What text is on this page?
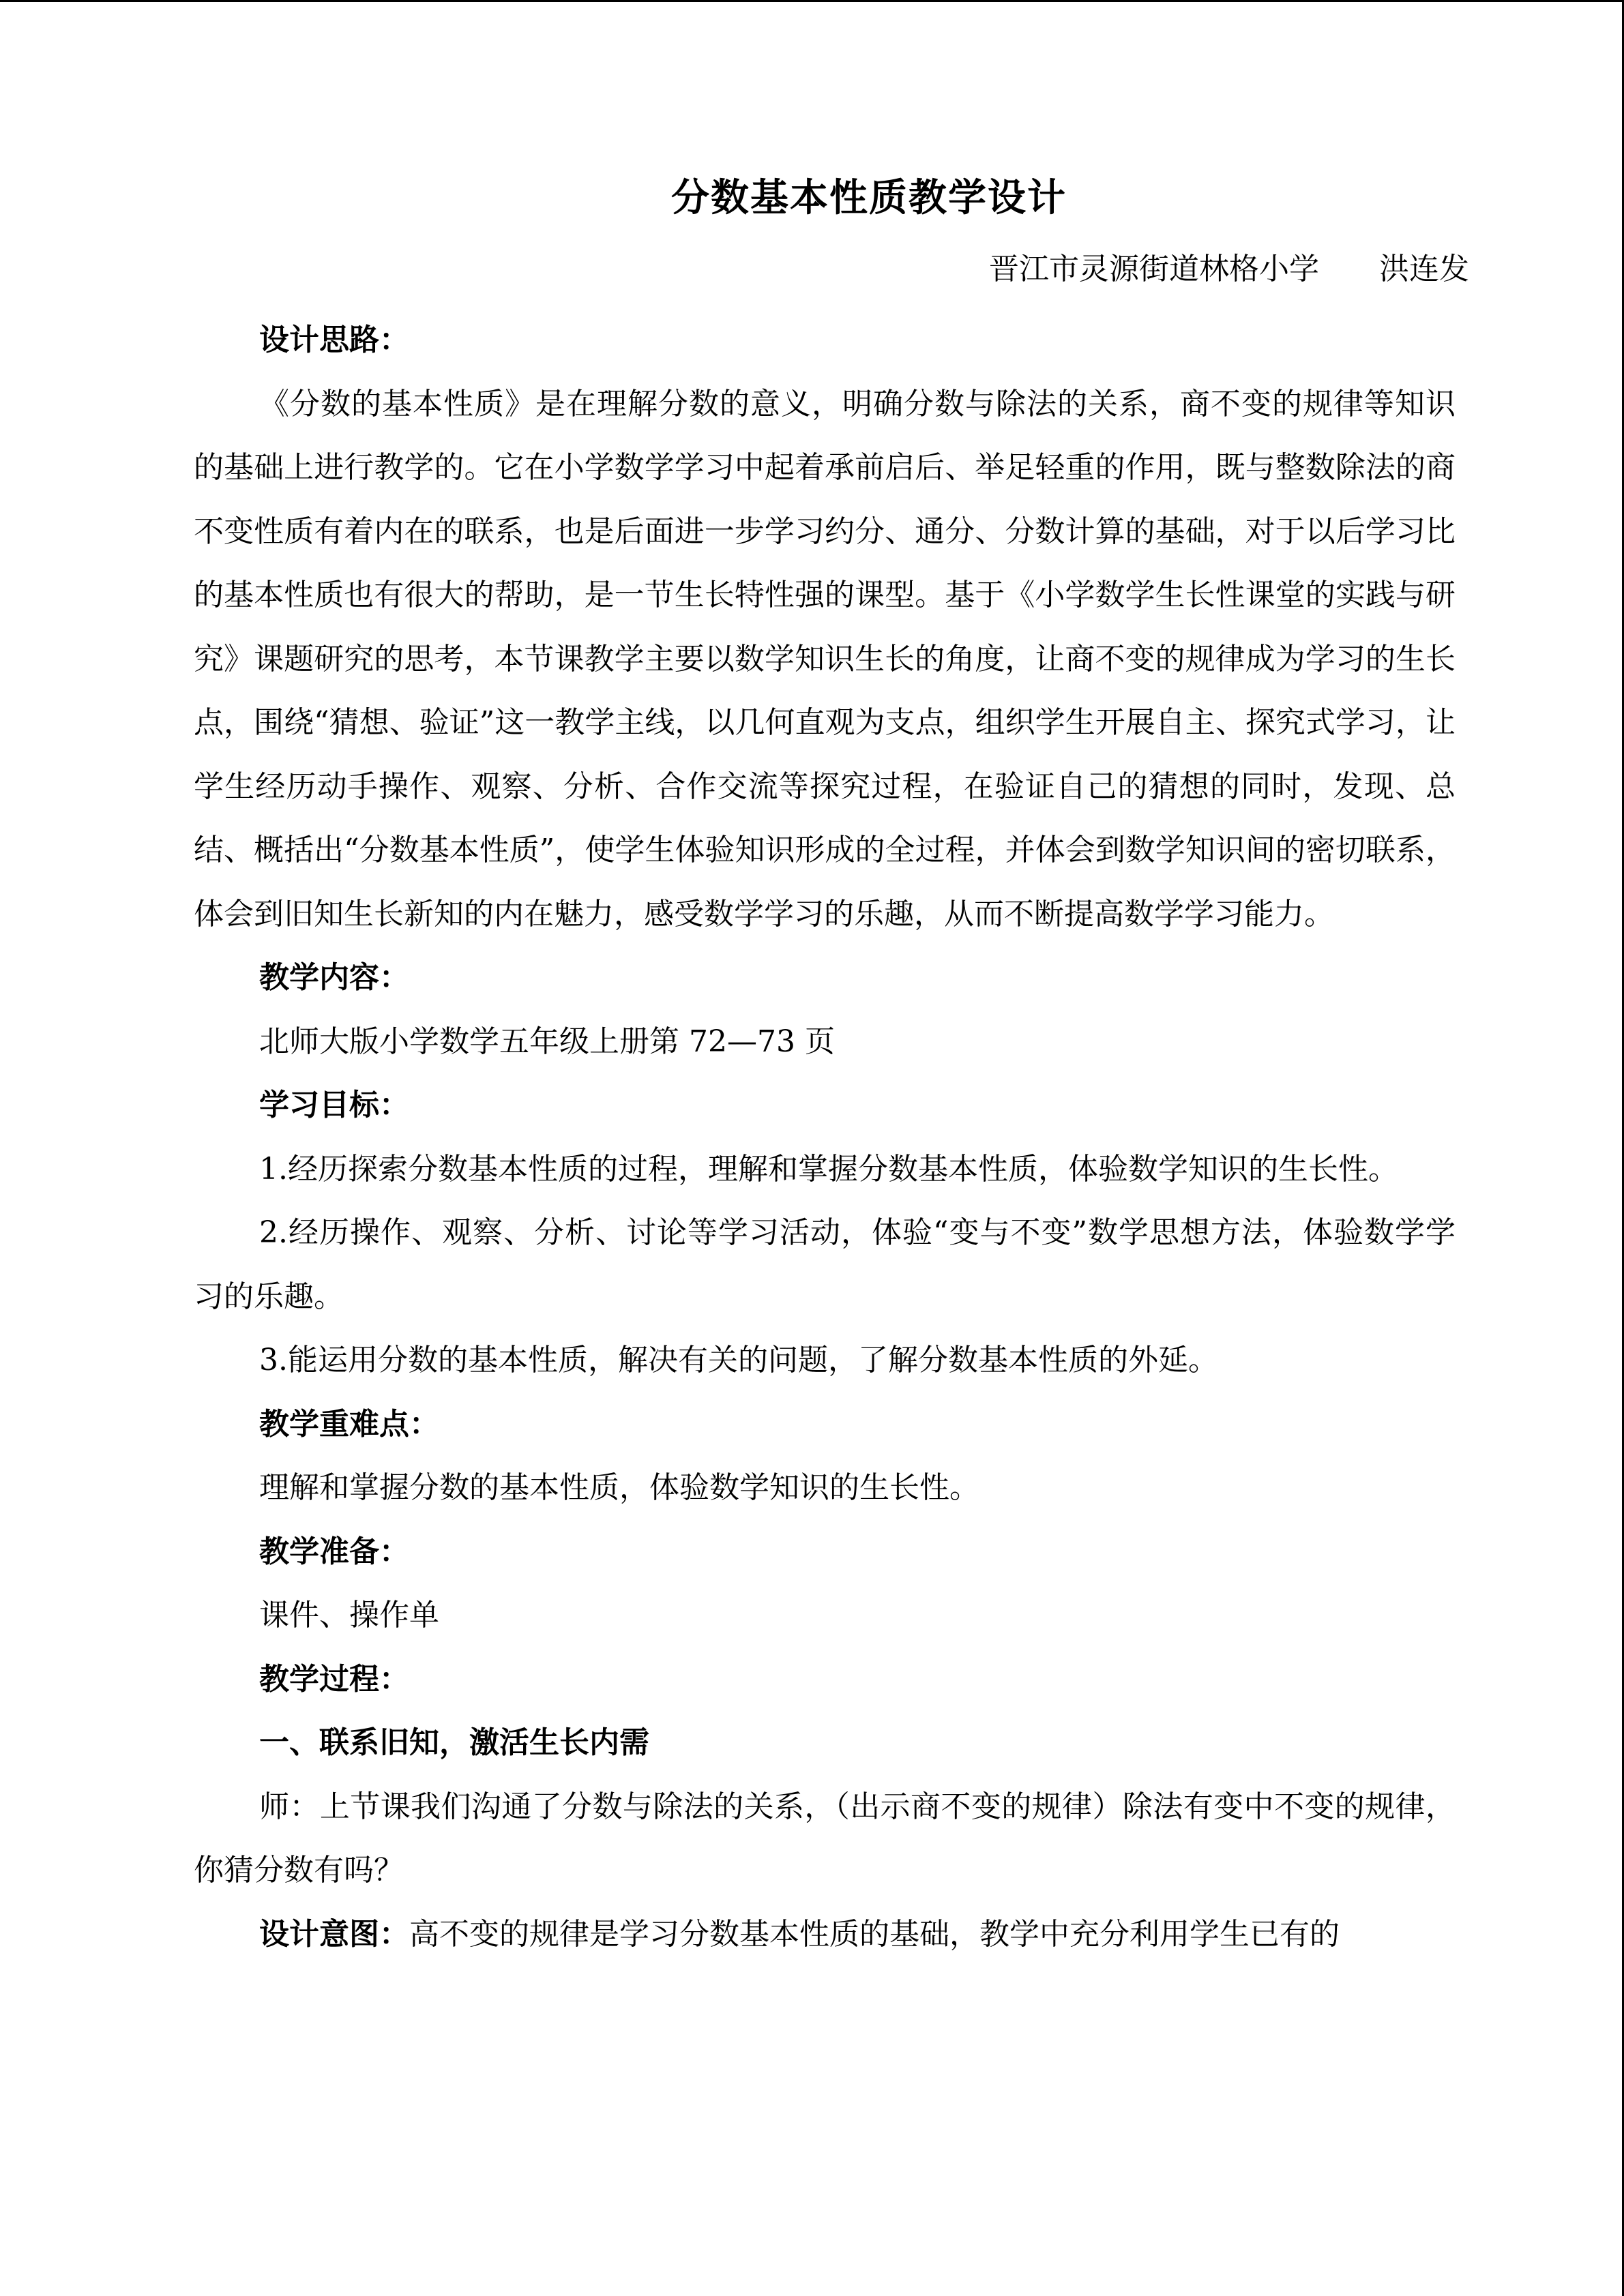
分数基本性质教学设计
晋江市灵源街道林格小学　　洪连发

设计思路：

《分数的基本性质》是在理解分数的意义，明确分数与除法的关系，商不变的规律等知识的基础上进行教学的。它在小学数学学习中起着承前启后、举足轻重的作用，既与整数除法的商不变性质有着内在的联系，也是后面进一步学习约分、通分、分数计算的基础，对于以后学习比的基本性质也有很大的帮助，是一节生长特性强的课型。基于《小学数学生长性课堂的实践与研究》课题研究的思考，本节课教学主要以数学知识生长的角度，让商不变的规律成为学习的生长点，围绕“猜想、验证”这一教学主线，以几何直观为支点，组织学生开展自主、探究式学习，让学生经历动手操作、观察、分析、合作交流等探究过程，在验证自己的猜想的同时，发现、总结、概括出“分数基本性质”，使学生体验知识形成的全过程，并体会到数学知识间的密切联系，体会到旧知生长新知的内在魅力，感受数学学习的乐趣，从而不断提高数学学习能力。

教学内容：

北师大版小学数学五年级上册第 72—73 页

学习目标：

1.经历探索分数基本性质的过程，理解和掌握分数基本性质，体验数学知识的生长性。

2.经历操作、观察、分析、讨论等学习活动，体验“变与不变”数学思想方法，体验数学学习的乐趣。

3.能运用分数的基本性质，解决有关的问题，了解分数基本性质的外延。

教学重难点：

理解和掌握分数的基本性质，体验数学知识的生长性。

教学准备：

课件、操作单

教学过程：

一、联系旧知，激活生长内需

师：上节课我们沟通了分数与除法的关系，（出示商不变的规律）除法有变中不变的规律，你猜分数有吗？

设计意图：高不变的规律是学习分数基本性质的基础，教学中充分利用学生已有的
